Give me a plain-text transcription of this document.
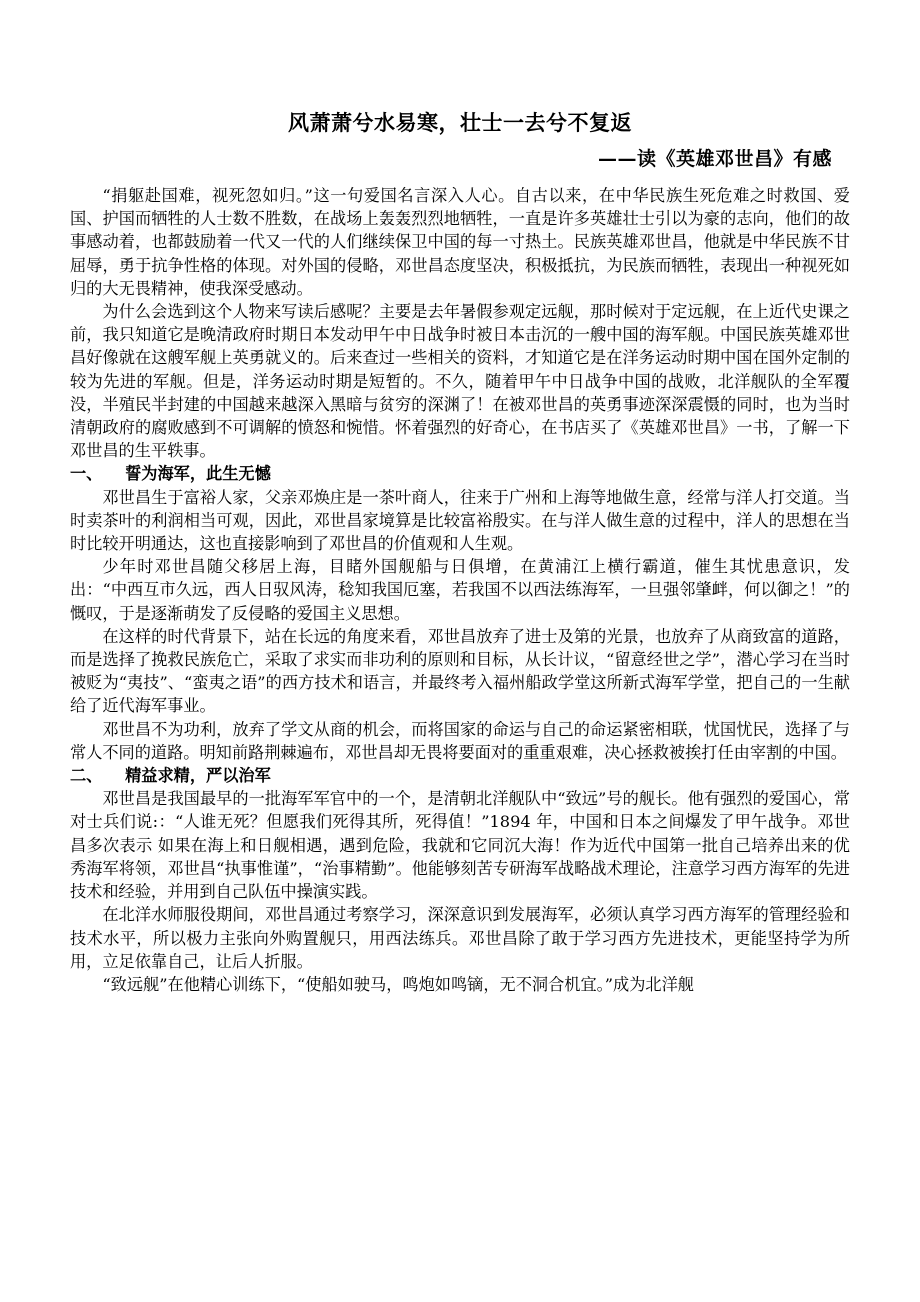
风萧萧兮水易寒，壮士一去兮不复返
——读《英雄邓世昌》有感

“捐躯赴国难，视死忽如归。”这一句爱国名言深入人心。自古以来，在中华民族生死危难之时救国、爱国、护国而牺牲的人士数不胜数，在战场上轰轰烈烈地牺牲，一直是许多英雄壮士引以为豪的志向，他们的故事感动着，也都鼓励着一代又一代的人们继续保卫中国的每一寸热土。民族英雄邓世昌，他就是中华民族不甘屈辱，勇于抗争性格的体现。对外国的侵略，邓世昌态度坚决，积极抵抗，为民族而牺牲，表现出一种视死如归的大无畏精神，使我深受感动。

为什么会选到这个人物来写读后感呢？主要是去年暑假参观定远舰，那时候对于定远舰，在上近代史课之前，我只知道它是晚清政府时期日本发动甲午中日战争时被日本击沉的一艘中国的海军舰。中国民族英雄邓世昌好像就在这艘军舰上英勇就义的。后来查过一些相关的资料，才知道它是在洋务运动时期中国在国外定制的较为先进的军舰。但是，洋务运动时期是短暂的。不久，随着甲午中日战争中国的战败，北洋舰队的全军覆没，半殖民半封建的中国越来越深入黑暗与贫穷的深渊了！在被邓世昌的英勇事迹深深震慑的同时，也为当时清朝政府的腐败感到不可调解的愤怒和惋惜。怀着强烈的好奇心，在书店买了《英雄邓世昌》一书，了解一下邓世昌的生平轶事。

一、 誓为海军，此生无憾

邓世昌生于富裕人家，父亲邓焕庄是一茶叶商人，往来于广州和上海等地做生意，经常与洋人打交道。当时卖茶叶的利润相当可观，因此，邓世昌家境算是比较富裕殷实。在与洋人做生意的过程中，洋人的思想在当时比较开明通达，这也直接影响到了邓世昌的价值观和人生观。

少年时邓世昌随父移居上海，目睹外国舰船与日俱增，在黄浦江上横行霸道，催生其忧患意识，发出：“中西互市久远，西人日驭风涛，稔知我国厄塞，若我国不以西法练海军，一旦强邻肇衅，何以御之！”的慨叹，于是逐渐萌发了反侵略的爱国主义思想。

在这样的时代背景下，站在长远的角度来看，邓世昌放弃了进士及第的光景，也放弃了从商致富的道路，而是选择了挽救民族危亡，采取了求实而非功利的原则和目标，从长计议，“留意经世之学”，潜心学习在当时被贬为“夷技”、“蛮夷之语”的西方技术和语言，并最终考入福州船政学堂这所新式海军学堂，把自己的一生献给了近代海军事业。

邓世昌不为功利，放弃了学文从商的机会，而将国家的命运与自己的命运紧密相联，忧国忧民，选择了与常人不同的道路。明知前路荆棘遍布，邓世昌却无畏将要面对的重重艰难，决心拯救被挨打任由宰割的中国。

二、 精益求精，严以治军

邓世昌是我国最早的一批海军军官中的一个，是清朝北洋舰队中“致远”号的舰长。他有强烈的爱国心，常对士兵们说:：“人谁无死？但愿我们死得其所，死得值！”1894 年，中国和日本之间爆发了甲午战争。邓世昌多次表示 如果在海上和日舰相遇，遇到危险，我就和它同沉大海！作为近代中国第一批自己培养出来的优秀海军将领，邓世昌“执事惟谨”，“治事精勤”。他能够刻苦专研海军战略战术理论，注意学习西方海军的先进技术和经验，并用到自己队伍中操演实践。

在北洋水师服役期间，邓世昌通过考察学习，深深意识到发展海军，必须认真学习西方海军的管理经验和技术水平，所以极力主张向外购置舰只，用西法练兵。邓世昌除了敢于学习西方先进技术，更能坚持学为所用，立足依靠自己，让后人折服。

“致远舰”在他精心训练下，“使船如驶马，鸣炮如鸣镝，无不洞合机宜。”成为北洋舰
